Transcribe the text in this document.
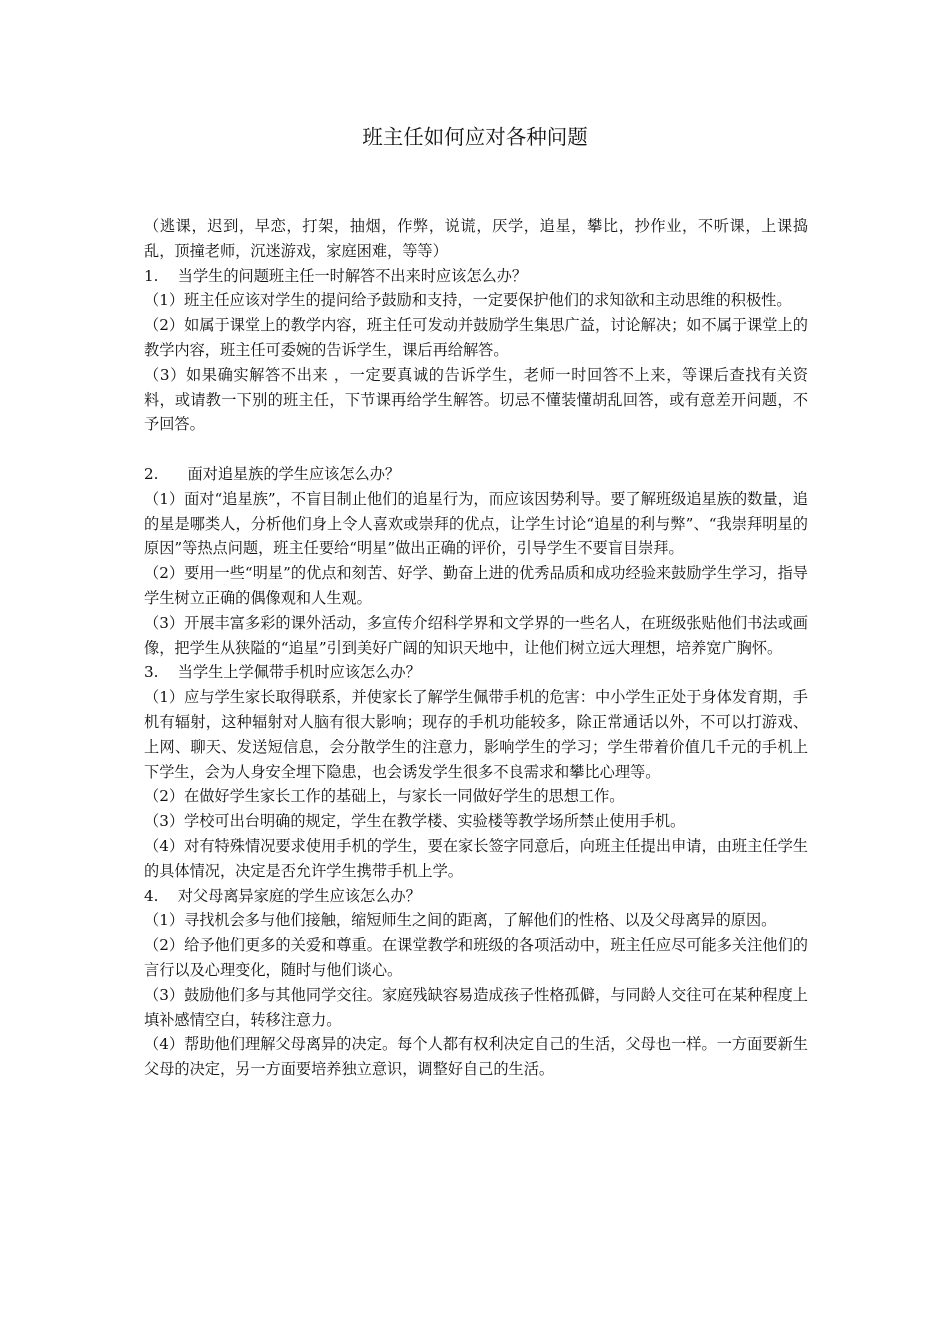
班主任如何应对各种问题

（逃课，迟到，早恋，打架，抽烟，作弊，说谎，厌学，追星，攀比，抄作业，不听课，上课捣乱，顶撞老师，沉迷游戏，家庭困难，等等）

1.    当学生的问题班主任一时解答不出来时应该怎么办？

（1）班主任应该对学生的提问给予鼓励和支持，一定要保护他们的求知欲和主动思维的积极性。

（2）如属于课堂上的教学内容，班主任可发动并鼓励学生集思广益，讨论解决；如不属于课堂上的教学内容，班主任可委婉的告诉学生，课后再给解答。

（3）如果确实解答不出来 ，一定要真诚的告诉学生，老师一时回答不上来，等课后查找有关资料，或请教一下别的班主任，下节课再给学生解答。切忌不懂装懂胡乱回答，或有意差开问题，不予回答。

2.      面对追星族的学生应该怎么办？

（1）面对“追星族”，不盲目制止他们的追星行为，而应该因势利导。要了解班级追星族的数量，追的星是哪类人，分析他们身上令人喜欢或崇拜的优点，让学生讨论“追星的利与弊”、“我崇拜明星的原因”等热点问题，班主任要给“明星”做出正确的评价，引导学生不要盲目崇拜。

（2）要用一些“明星”的优点和刻苦、好学、勤奋上进的优秀品质和成功经验来鼓励学生学习，指导学生树立正确的偶像观和人生观。

（3）开展丰富多彩的课外活动，多宣传介绍科学界和文学界的一些名人，在班级张贴他们书法或画像，把学生从狭隘的“追星”引到美好广阔的知识天地中，让他们树立远大理想，培养宽广胸怀。

3.    当学生上学佩带手机时应该怎么办？

（1）应与学生家长取得联系，并使家长了解学生佩带手机的危害：中小学生正处于身体发育期，手机有辐射，这种辐射对人脑有很大影响；现存的手机功能较多，除正常通话以外，不可以打游戏、上网、聊天、发送短信息，会分散学生的注意力，影响学生的学习；学生带着价值几千元的手机上下学生，会为人身安全埋下隐患，也会诱发学生很多不良需求和攀比心理等。

（2）在做好学生家长工作的基础上，与家长一同做好学生的思想工作。

（3）学校可出台明确的规定，学生在教学楼、实验楼等教学场所禁止使用手机。

（4）对有特殊情况要求使用手机的学生，要在家长签字同意后，向班主任提出申请，由班主任学生的具体情况，决定是否允许学生携带手机上学。

4.    对父母离异家庭的学生应该怎么办？

（1）寻找机会多与他们接触，缩短师生之间的距离，了解他们的性格、以及父母离异的原因。

（2）给予他们更多的关爱和尊重。在课堂教学和班级的各项活动中，班主任应尽可能多关注他们的言行以及心理变化，随时与他们谈心。

（3）鼓励他们多与其他同学交往。家庭残缺容易造成孩子性格孤僻，与同龄人交往可在某种程度上填补感情空白，转移注意力。

（4）帮助他们理解父母离异的决定。每个人都有权利决定自己的生活，父母也一样。一方面要新生父母的决定，另一方面要培养独立意识，调整好自己的生活。
